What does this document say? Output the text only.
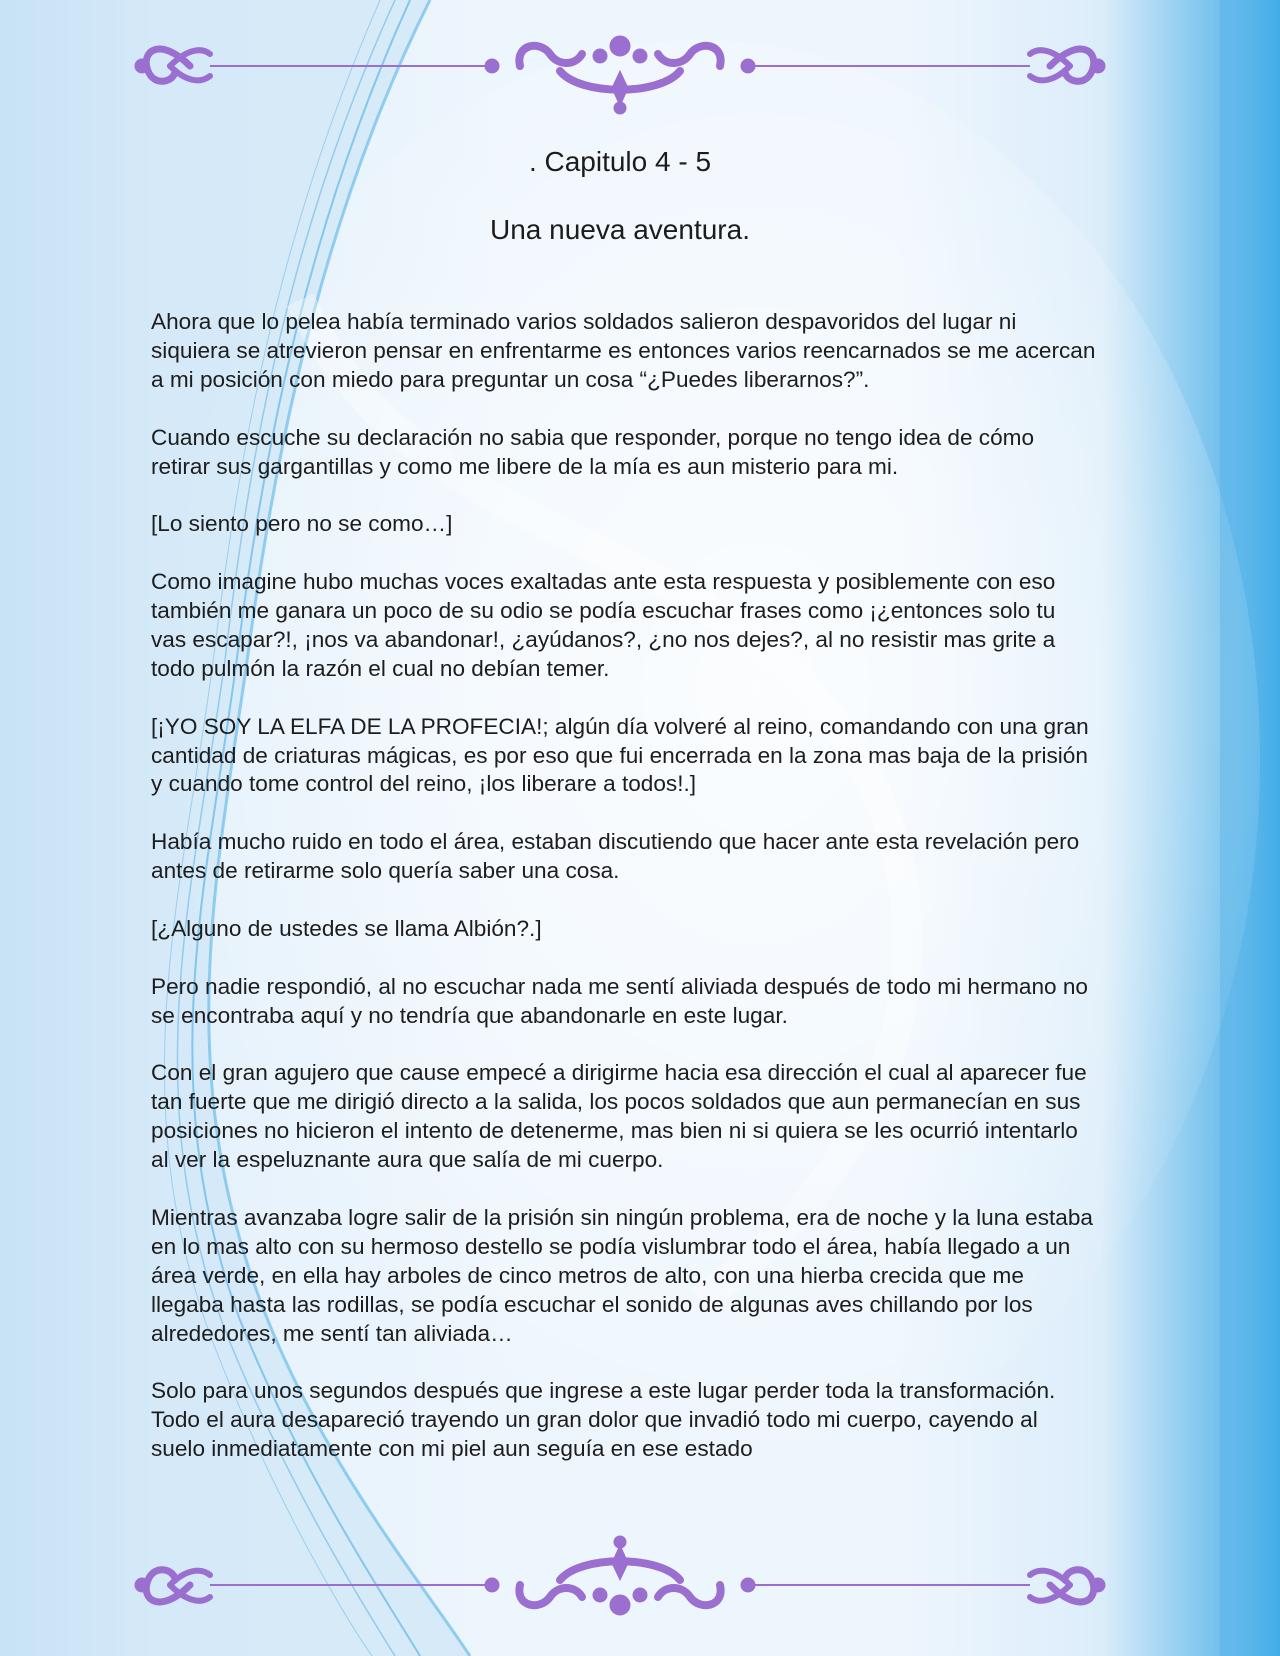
. Capitulo 4 - 5
Una nueva aventura.

Ahora que lo pelea había terminado varios soldados salieron despavoridos del lugar ni siquiera se atrevieron pensar en enfrentarme es entonces varios reencarnados se me acercan a mi posición con miedo para preguntar un cosa “¿Puedes liberarnos?”.

Cuando escuche su declaración no sabia que responder, porque no tengo idea de cómo retirar sus gargantillas y como me libere de la mía es aun misterio para mi.

[Lo siento pero no se como…]

Como imagine hubo muchas voces exaltadas ante esta respuesta y posiblemente con eso también me ganara un poco de su odio se podía escuchar frases como ¡¿entonces solo tu vas escapar?!, ¡nos va abandonar!, ¿ayúdanos?, ¿no nos dejes?, al no resistir mas grite a todo pulmón la razón el cual no debían temer.

[¡YO SOY LA ELFA DE LA PROFECIA!; algún día volveré al reino, comandando con una gran cantidad de criaturas mágicas, es por eso que fui encerrada en la zona mas baja de la prisión y cuando tome control del reino, ¡los liberare a todos!.]

Había mucho ruido en todo el área, estaban discutiendo que hacer ante esta revelación pero antes de retirarme solo quería saber una cosa.

[¿Alguno de ustedes se llama Albión?.]

Pero nadie respondió, al no escuchar nada me sentí aliviada después de todo mi hermano no se encontraba aquí y no tendría que abandonarle en este lugar.

Con el gran agujero que cause empecé a dirigirme hacia esa dirección el cual al aparecer fue tan fuerte que me dirigió directo a la salida, los pocos soldados que aun permanecían en sus posiciones no hicieron el intento de detenerme, mas bien ni si quiera se les ocurrió intentarlo al ver la espeluznante aura que salía de mi cuerpo.

Mientras avanzaba logre salir de la prisión sin ningún problema, era de noche y la luna estaba en lo mas alto con su hermoso destello se podía vislumbrar todo el área, había llegado a un área verde, en ella hay arboles de cinco metros de alto, con una hierba crecida que me llegaba hasta las rodillas, se podía escuchar el sonido de algunas aves chillando por los alrededores, me sentí tan aliviada…

Solo para unos segundos después que ingrese a este lugar perder toda la transformación. Todo el aura desapareció trayendo un gran dolor que invadió todo mi cuerpo, cayendo al suelo inmediatamente con mi piel aun seguía en ese estado
